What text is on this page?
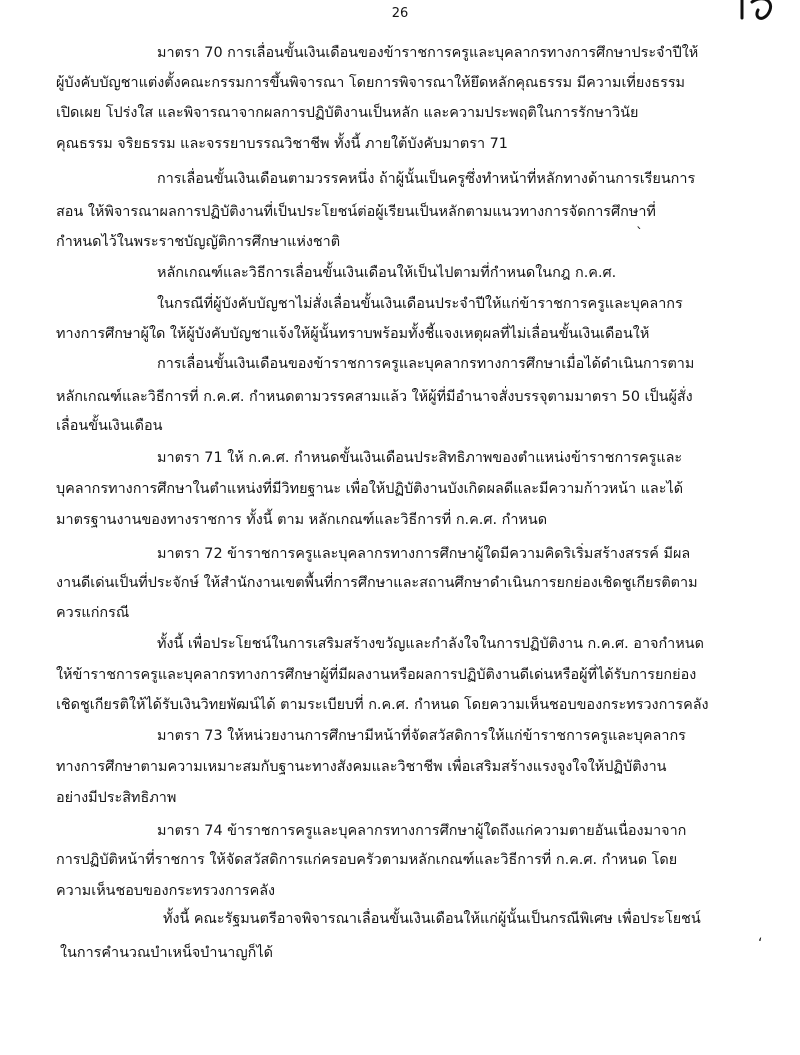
26
มาตรา 70 การเลื่อนขั้นเงินเดือนของข้าราชการครูและบุคลากรทางการศึกษาประจำปีให้
ผู้บังคับบัญชาแต่งตั้งคณะกรรมการขึ้นพิจารณา โดยการพิจารณาให้ยึดหลักคุณธรรม มีความเที่ยงธรรม
เปิดเผย โปร่งใส และพิจารณาจากผลการปฏิบัติงานเป็นหลัก และความประพฤติในการรักษาวินัย
คุณธรรม จริยธรรม และจรรยาบรรณวิชาชีพ ทั้งนี้ ภายใต้บังคับมาตรา 71
การเลื่อนขั้นเงินเดือนตามวรรคหนึ่ง ถ้าผู้นั้นเป็นครูซึ่งทำหน้าที่หลักทางด้านการเรียนการ
สอน ให้พิจารณาผลการปฏิบัติงานที่เป็นประโยชน์ต่อผู้เรียนเป็นหลักตามแนวทางการจัดการศึกษาที่
กำหนดไว้ในพระราชบัญญัติการศึกษาแห่งชาติ
หลักเกณฑ์และวิธีการเลื่อนขั้นเงินเดือนให้เป็นไปตามที่กำหนดในกฎ ก.ค.ศ.
ในกรณีที่ผู้บังคับบัญชาไม่สั่งเลื่อนขั้นเงินเดือนประจำปีให้แก่ข้าราชการครูและบุคลากร
ทางการศึกษาผู้ใด ให้ผู้บังคับบัญชาแจ้งให้ผู้นั้นทราบพร้อมทั้งชี้แจงเหตุผลที่ไม่เลื่อนขั้นเงินเดือนให้
การเลื่อนขั้นเงินเดือนของข้าราชการครูและบุคลากรทางการศึกษาเมื่อได้ดำเนินการตาม
หลักเกณฑ์และวิธีการที่ ก.ค.ศ. กำหนดตามวรรคสามแล้ว ให้ผู้ที่มีอำนาจสั่งบรรจุตามมาตรา 50 เป็นผู้สั่ง
เลื่อนขั้นเงินเดือน
มาตรา 71 ให้ ก.ค.ศ. กำหนดขั้นเงินเดือนประสิทธิภาพของตำแหน่งข้าราชการครูและ
บุคลากรทางการศึกษาในตำแหน่งที่มีวิทยฐานะ เพื่อให้ปฏิบัติงานบังเกิดผลดีและมีความก้าวหน้า และได้
มาตรฐานงานของทางราชการ ทั้งนี้ ตาม หลักเกณฑ์และวิธีการที่ ก.ค.ศ. กำหนด
มาตรา 72 ข้าราชการครูและบุคลากรทางการศึกษาผู้ใดมีความคิดริเริ่มสร้างสรรค์ มีผล
งานดีเด่นเป็นที่ประจักษ์ ให้สำนักงานเขตพื้นที่การศึกษาและสถานศึกษาดำเนินการยกย่องเชิดชูเกียรติตาม
ควรแก่กรณี
ทั้งนี้ เพื่อประโยชน์ในการเสริมสร้างขวัญและกำลังใจในการปฏิบัติงาน ก.ค.ศ. อาจกำหนด
ให้ข้าราชการครูและบุคลากรทางการศึกษาผู้ที่มีผลงานหรือผลการปฏิบัติงานดีเด่นหรือผู้ที่ได้รับการยกย่อง
เชิดชูเกียรติให้ได้รับเงินวิทยพัฒน์ได้ ตามระเบียบที่ ก.ค.ศ. กำหนด โดยความเห็นชอบของกระทรวงการคลัง
มาตรา 73 ให้หน่วยงานการศึกษามีหน้าที่จัดสวัสดิการให้แก่ข้าราชการครูและบุคลากร
ทางการศึกษาตามความเหมาะสมกับฐานะทางสังคมและวิชาชีพ เพื่อเสริมสร้างแรงจูงใจให้ปฏิบัติงาน
อย่างมีประสิทธิภาพ
มาตรา 74 ข้าราชการครูและบุคลากรทางการศึกษาผู้ใดถึงแก่ความตายอันเนื่องมาจาก
การปฏิบัติหน้าที่ราชการ ให้จัดสวัสดิการแก่ครอบครัวตามหลักเกณฑ์และวิธีการที่ ก.ค.ศ. กำหนด โดย
ความเห็นชอบของกระทรวงการคลัง
ทั้งนี้ คณะรัฐมนตรีอาจพิจารณาเลื่อนขั้นเงินเดือนให้แก่ผู้นั้นเป็นกรณีพิเศษ เพื่อประโยชน์
ในการคำนวณบำเหน็จบำนาญก็ได้
ˋ
‘
